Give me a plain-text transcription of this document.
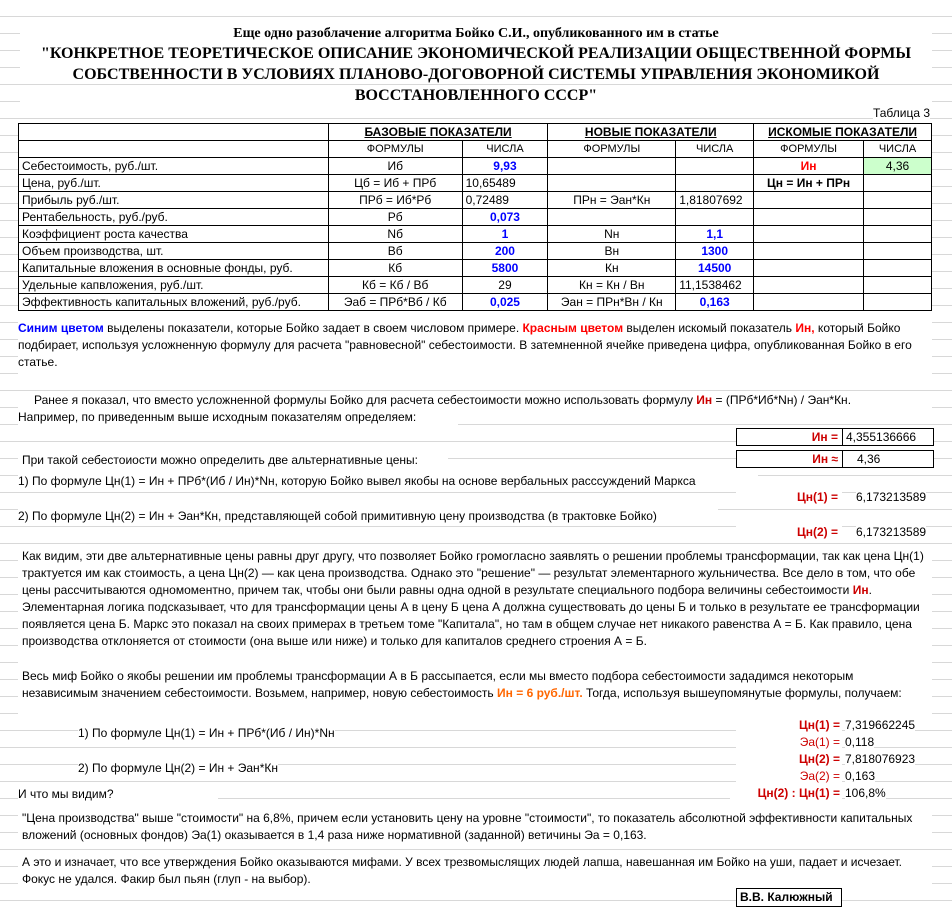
Еще одно разоблачение алгоритма Бойко С.И., опубликованного им в статье
"КОНКРЕТНОЕ ТЕОРЕТИЧЕСКОЕ ОПИСАНИЕ ЭКОНОМИЧЕСКОЙ РЕАЛИЗАЦИИ ОБЩЕСТВЕННОЙ ФОРМЫ
СОБСТВЕННОСТИ В УСЛОВИЯХ ПЛАНОВО-ДОГОВОРНОЙ СИСТЕМЫ УПРАВЛЕНИЯ ЭКОНОМИКОЙ
ВОССТАНОВЛЕННОГО СССР"
Таблица 3
	БАЗОВЫЕ ПОКАЗАТЕЛИ		НОВЫЕ ПОКАЗАТЕЛИ		ИСКОМЫЕ ПОКАЗАТЕЛИ	
	ФОРМУЛЫ	ЧИСЛА	ФОРМУЛЫ	ЧИСЛА	ФОРМУЛЫ	ЧИСЛА
Себестоимость, руб./шт.	Иб	9,93			Ин	4,36
Цена, руб./шт.	Цб = Иб + ПРб	10,65489			Цн = Ин + ПРн	
Прибыль руб./шт.	ПРб = Иб*Рб	0,72489	ПРн = Эан*Кн	1,81807692		
Рентабельность, руб./руб.	Рб	0,073				
Коэффициент роста качества	Nб	1	Nн	1,1		
Объем производства, шт.	Вб	200	Вн	1300		
Капитальные вложения в основные фонды, руб.	Кб	5800	Кн	14500		
Удельные капвложения, руб./шт.	Кб = Кб / Вб	29	Кн = Кн / Вн	11,1538462		
Эффективность капитальных вложений, руб./руб.	Эаб = ПРб*Вб / Кб	0,025	Эан = ПРн*Вн / Кн	0,163		
Синим цветом выделены показатели, которые Бойко задает в своем числовом примере. Красным цветом выделен искомый показатель Ин, который Бойко подбирает, используя усложненную формулу для расчета "равновесной" себестоимости. В затемненной ячейке приведена цифра, опубликованная Бойко в его статье.
Ранее я показал, что вместо усложненной формулы Бойко для расчета себестоимости можно использовать формулу Ин = (ПРб*Иб*Nн) / Эан*Кн.
Например, по приведенным выше исходным показателям определяем:
Ин = 4,355136666
При такой себестоиости можно определить две альтернативные цены:	Ин ≈	4,36
1) По формуле Цн(1) = Ин + ПРб*(Иб / Ин)*Nн, которую Бойко вывел якобы на основе вербальных расссуждений Маркса
Цн(1) =	6,173213589
2) По формуле Цн(2) = Ин + Эан*Кн, представляющей собой примитивную цену производства (в трактовке Бойко)
Цн(2) =	6,173213589
Как видим, эти две альтернативные цены равны друг другу, что позволяет Бойко громогласно заявлять о решении проблемы трансформации, так как цена Цн(1) трактуется им как стоимость, а цена Цн(2) — как цена производства. Однако это "решение" — результат элементарного жульничества. Все дело в том, что обе цены рассчитываются одномоментно, причем так, чтобы они были равны одна одной в результате специального подбора величины себестоимости Ин. Элементарная логика подсказывает, что для трансформации цены А в цену Б цена А должна существовать до цены Б и только в результате ее трансформации появляется цена Б. Маркс это показал на своих примерах в третьем томе "Капитала", но там в общем случае нет никакого равенства А = Б. Как правило, цена производства отклоняется от стоимости (она выше или ниже) и только для капиталов среднего строения А = Б.
Весь миф Бойко о якобы решении им проблемы трансформации А в Б рассыпается, если мы вместо подбора себестоимости зададимся некоторым независимым значением себестоимости. Возьмем, например, новую себестоимость Ин = 6 руб./шт. Тогда, используя вышеупомянутые формулы, получаем:
1) По формуле Цн(1) = Ин + ПРб*(Иб / Ин)*Nн
2) По формуле Цн(2) = Ин + Эан*Кн
Цн(1) = 7,319662245
Эа(1) = 0,118
Цн(2) = 7,818076923
Эа(2) = 0,163
И что мы видим?	Цн(2) : Цн(1) = 106,8%
"Цена производства" выше "стоимости" на 6,8%, причем если установить цену на уровне "стоимости", то показатель абсолютной эффективности капитальных вложений (основных фондов) Эа(1) оказывается в 1,4 раза ниже нормативной (заданной) ветичины Эа = 0,163.
А это и изначает, что все утверждения Бойко оказываются мифами. У всех трезвомыслящих людей лапша, навешанная им Бойко на уши, падает и исчезает. Фокус не удался. Факир был пьян (глуп - на выбор).
В.В. Калюжный
